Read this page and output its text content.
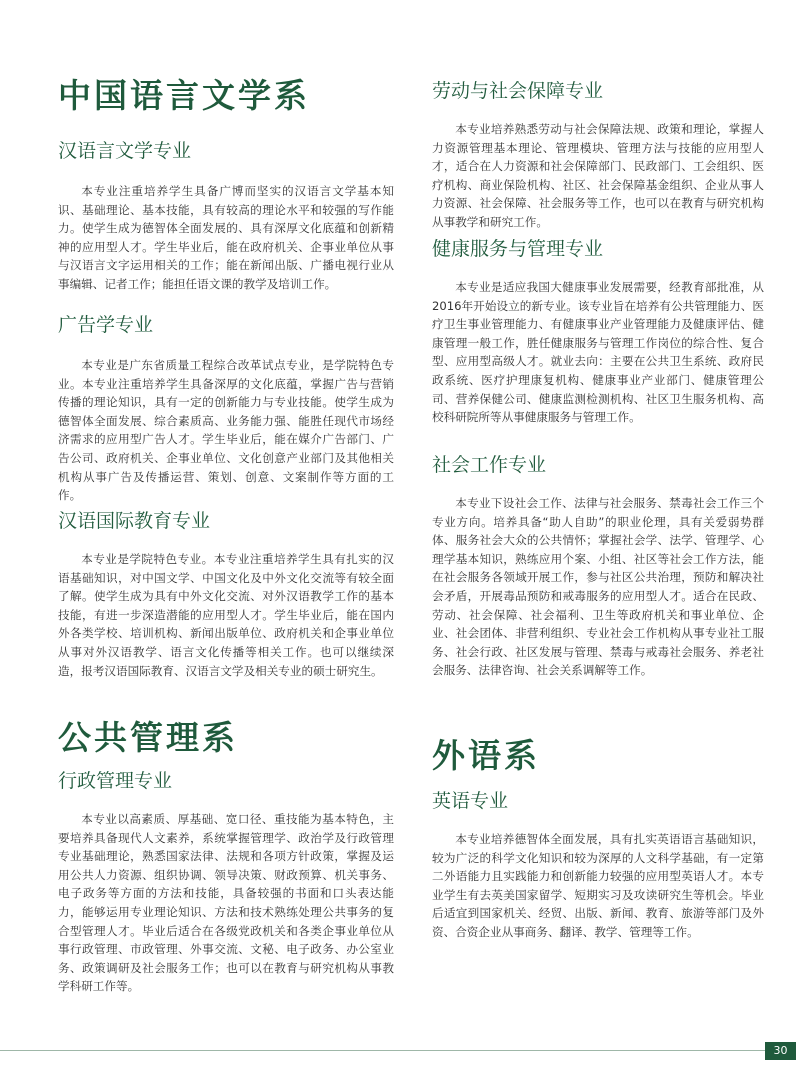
中国语言文学系
汉语言文学专业

本专业注重培养学生具备广博而坚实的汉语言文学基本知识、基础理论、基本技能，具有较高的理论水平和较强的写作能力。使学生成为德智体全面发展的、具有深厚文化底蕴和创新精神的应用型人才。学生毕业后，能在政府机关、企事业单位从事与汉语言文字运用相关的工作；能在新闻出版、广播电视行业从事编辑、记者工作；能担任语文课的教学及培训工作。

广告学专业

本专业是广东省质量工程综合改革试点专业，是学院特色专业。本专业注重培养学生具备深厚的文化底蕴，掌握广告与营销传播的理论知识，具有一定的创新能力与专业技能。使学生成为德智体全面发展、综合素质高、业务能力强、能胜任现代市场经济需求的应用型广告人才。学生毕业后，能在媒介广告部门、广告公司、政府机关、企事业单位、文化创意产业部门及其他相关机构从事广告及传播运营、策划、创意、文案制作等方面的工作。

汉语国际教育专业

本专业是学院特色专业。本专业注重培养学生具有扎实的汉语基础知识，对中国文学、中国文化及中外文化交流等有较全面了解。使学生成为具有中外文化交流、对外汉语教学工作的基本技能，有进一步深造潜能的应用型人才。学生毕业后，能在国内外各类学校、培训机构、新闻出版单位、政府机关和企事业单位从事对外汉语教学、语言文化传播等相关工作。也可以继续深造，报考汉语国际教育、汉语言文学及相关专业的硕士研究生。

公共管理系
行政管理专业

本专业以高素质、厚基础、宽口径、重技能为基本特色，主要培养具备现代人文素养，系统掌握管理学、政治学及行政管理专业基础理论，熟悉国家法律、法规和各项方针政策，掌握及运用公共人力资源、组织协调、领导决策、财政预算、机关事务、电子政务等方面的方法和技能，具备较强的书面和口头表达能力，能够运用专业理论知识、方法和技术熟练处理公共事务的复合型管理人才。毕业后适合在各级党政机关和各类企事业单位从事行政管理、市政管理、外事交流、文秘、电子政务、办公室业务、政策调研及社会服务工作；也可以在教育与研究机构从事教学科研工作等。

劳动与社会保障专业

本专业培养熟悉劳动与社会保障法规、政策和理论，掌握人力资源管理基本理论、管理模块、管理方法与技能的应用型人才，适合在人力资源和社会保障部门、民政部门、工会组织、医疗机构、商业保险机构、社区、社会保障基金组织、企业从事人力资源、社会保障、社会服务等工作，也可以在教育与研究机构从事教学和研究工作。

健康服务与管理专业

本专业是适应我国大健康事业发展需要，经教育部批准，从2016年开始设立的新专业。该专业旨在培养有公共管理能力、医疗卫生事业管理能力、有健康事业产业管理能力及健康评估、健康管理一般工作，胜任健康服务与管理工作岗位的综合性、复合型、应用型高级人才。就业去向：主要在公共卫生系统、政府民政系统、医疗护理康复机构、健康事业产业部门、健康管理公司、营养保健公司、健康监测检测机构、社区卫生服务机构、高校科研院所等从事健康服务与管理工作。

社会工作专业

本专业下设社会工作、法律与社会服务、禁毒社会工作三个专业方向。培养具备“助人自助”的职业伦理，具有关爱弱势群体、服务社会大众的公共情怀；掌握社会学、法学、管理学、心理学基本知识，熟练应用个案、小组、社区等社会工作方法，能在社会服务各领域开展工作，参与社区公共治理，预防和解决社会矛盾，开展毒品预防和戒毒服务的应用型人才。适合在民政、劳动、社会保障、社会福利、卫生等政府机关和事业单位、企业、社会团体、非营利组织、专业社会工作机构从事专业社工服务、社会行政、社区发展与管理、禁毒与戒毒社会服务、养老社会服务、法律咨询、社会关系调解等工作。

外语系
英语专业

本专业培养德智体全面发展，具有扎实英语语言基础知识，较为广泛的科学文化知识和较为深厚的人文科学基础，有一定第二外语能力且实践能力和创新能力较强的应用型英语人才。本专业学生有去英美国家留学、短期实习及攻读研究生等机会。毕业后适宜到国家机关、经贸、出版、新闻、教育、旅游等部门及外资、合资企业从事商务、翻译、教学、管理等工作。

30
